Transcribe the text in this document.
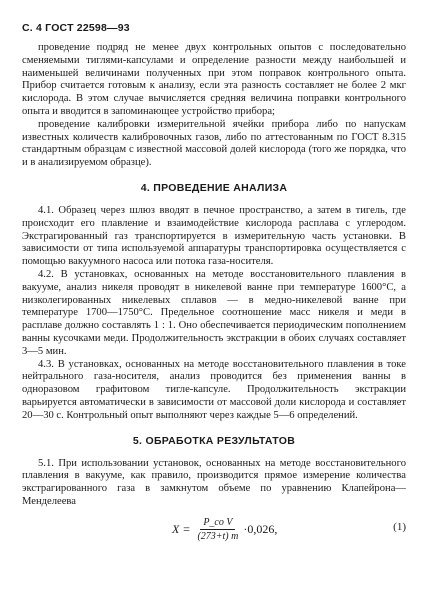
С. 4 ГОСТ 22598—93

проведение подряд не менее двух контрольных опытов с последовательно сменяемыми тиглями-капсулами и определение разности между наибольшей и наименьшей величинами полученных при этом поправок контрольного опыта. Прибор считается готовым к анализу, если эта разность составляет не более 2 мкг кислорода. В этом случае вычисляется средняя величина поправки контрольного опыта и вводится в запоминающее устройство прибора;

проведение калибровки измерительной ячейки прибора либо по напускам известных количеств калибровочных газов, либо по аттестованным по ГОСТ 8.315 стандартным образцам с известной массовой долей кислорода (того же порядка, что и в анализируемом образце).

4. ПРОВЕДЕНИЕ АНАЛИЗА

4.1. Образец через шлюз вводят в печное пространство, а затем в тигель, где происходит его плавление и взаимодействие кислорода расплава с углеродом. Экстрагированный газ транспортируется в измерительную часть установки. В зависимости от типа используемой аппаратуры транспортировка осуществляется с помощью вакуумного насоса или потока газа-носителя.

4.2. В установках, основанных на методе восстановительного плавления в вакууме, анализ никеля проводят в никелевой ванне при температуре 1600°С, а низколегированных никелевых сплавов — в медно-никелевой ванне при температуре 1700—1750°С. Предельное соотношение масс никеля и меди в расплаве должно составлять 1 : 1. Оно обеспечивается периодическим пополнением ванны кусочками меди. Продолжительность экстракции в обоих случаях составляет 3—5 мин.

4.3. В установках, основанных на методе восстановительного плавления в токе нейтрального газа-носителя, анализ проводится без применения ванны в одноразовом графитовом тигле-капсуле. Продолжительность экстракции варьируется автоматически в зависимости от массовой доли кислорода и составляет 20—30 с. Контрольный опыт выполняют через каждые 5—6 определений.

5. ОБРАБОТКА РЕЗУЛЬТАТОВ

5.1. При использовании установок, основанных на методе восстановительного плавления в вакууме, как правило, производится прямое измерение количества экстрагированного газа в замкнутом объеме по уравнению Клапейрона—Менделеева

$X = \frac{\text{P\_co V}}{(273+t) m} \cdot 0,026$,	(1)
